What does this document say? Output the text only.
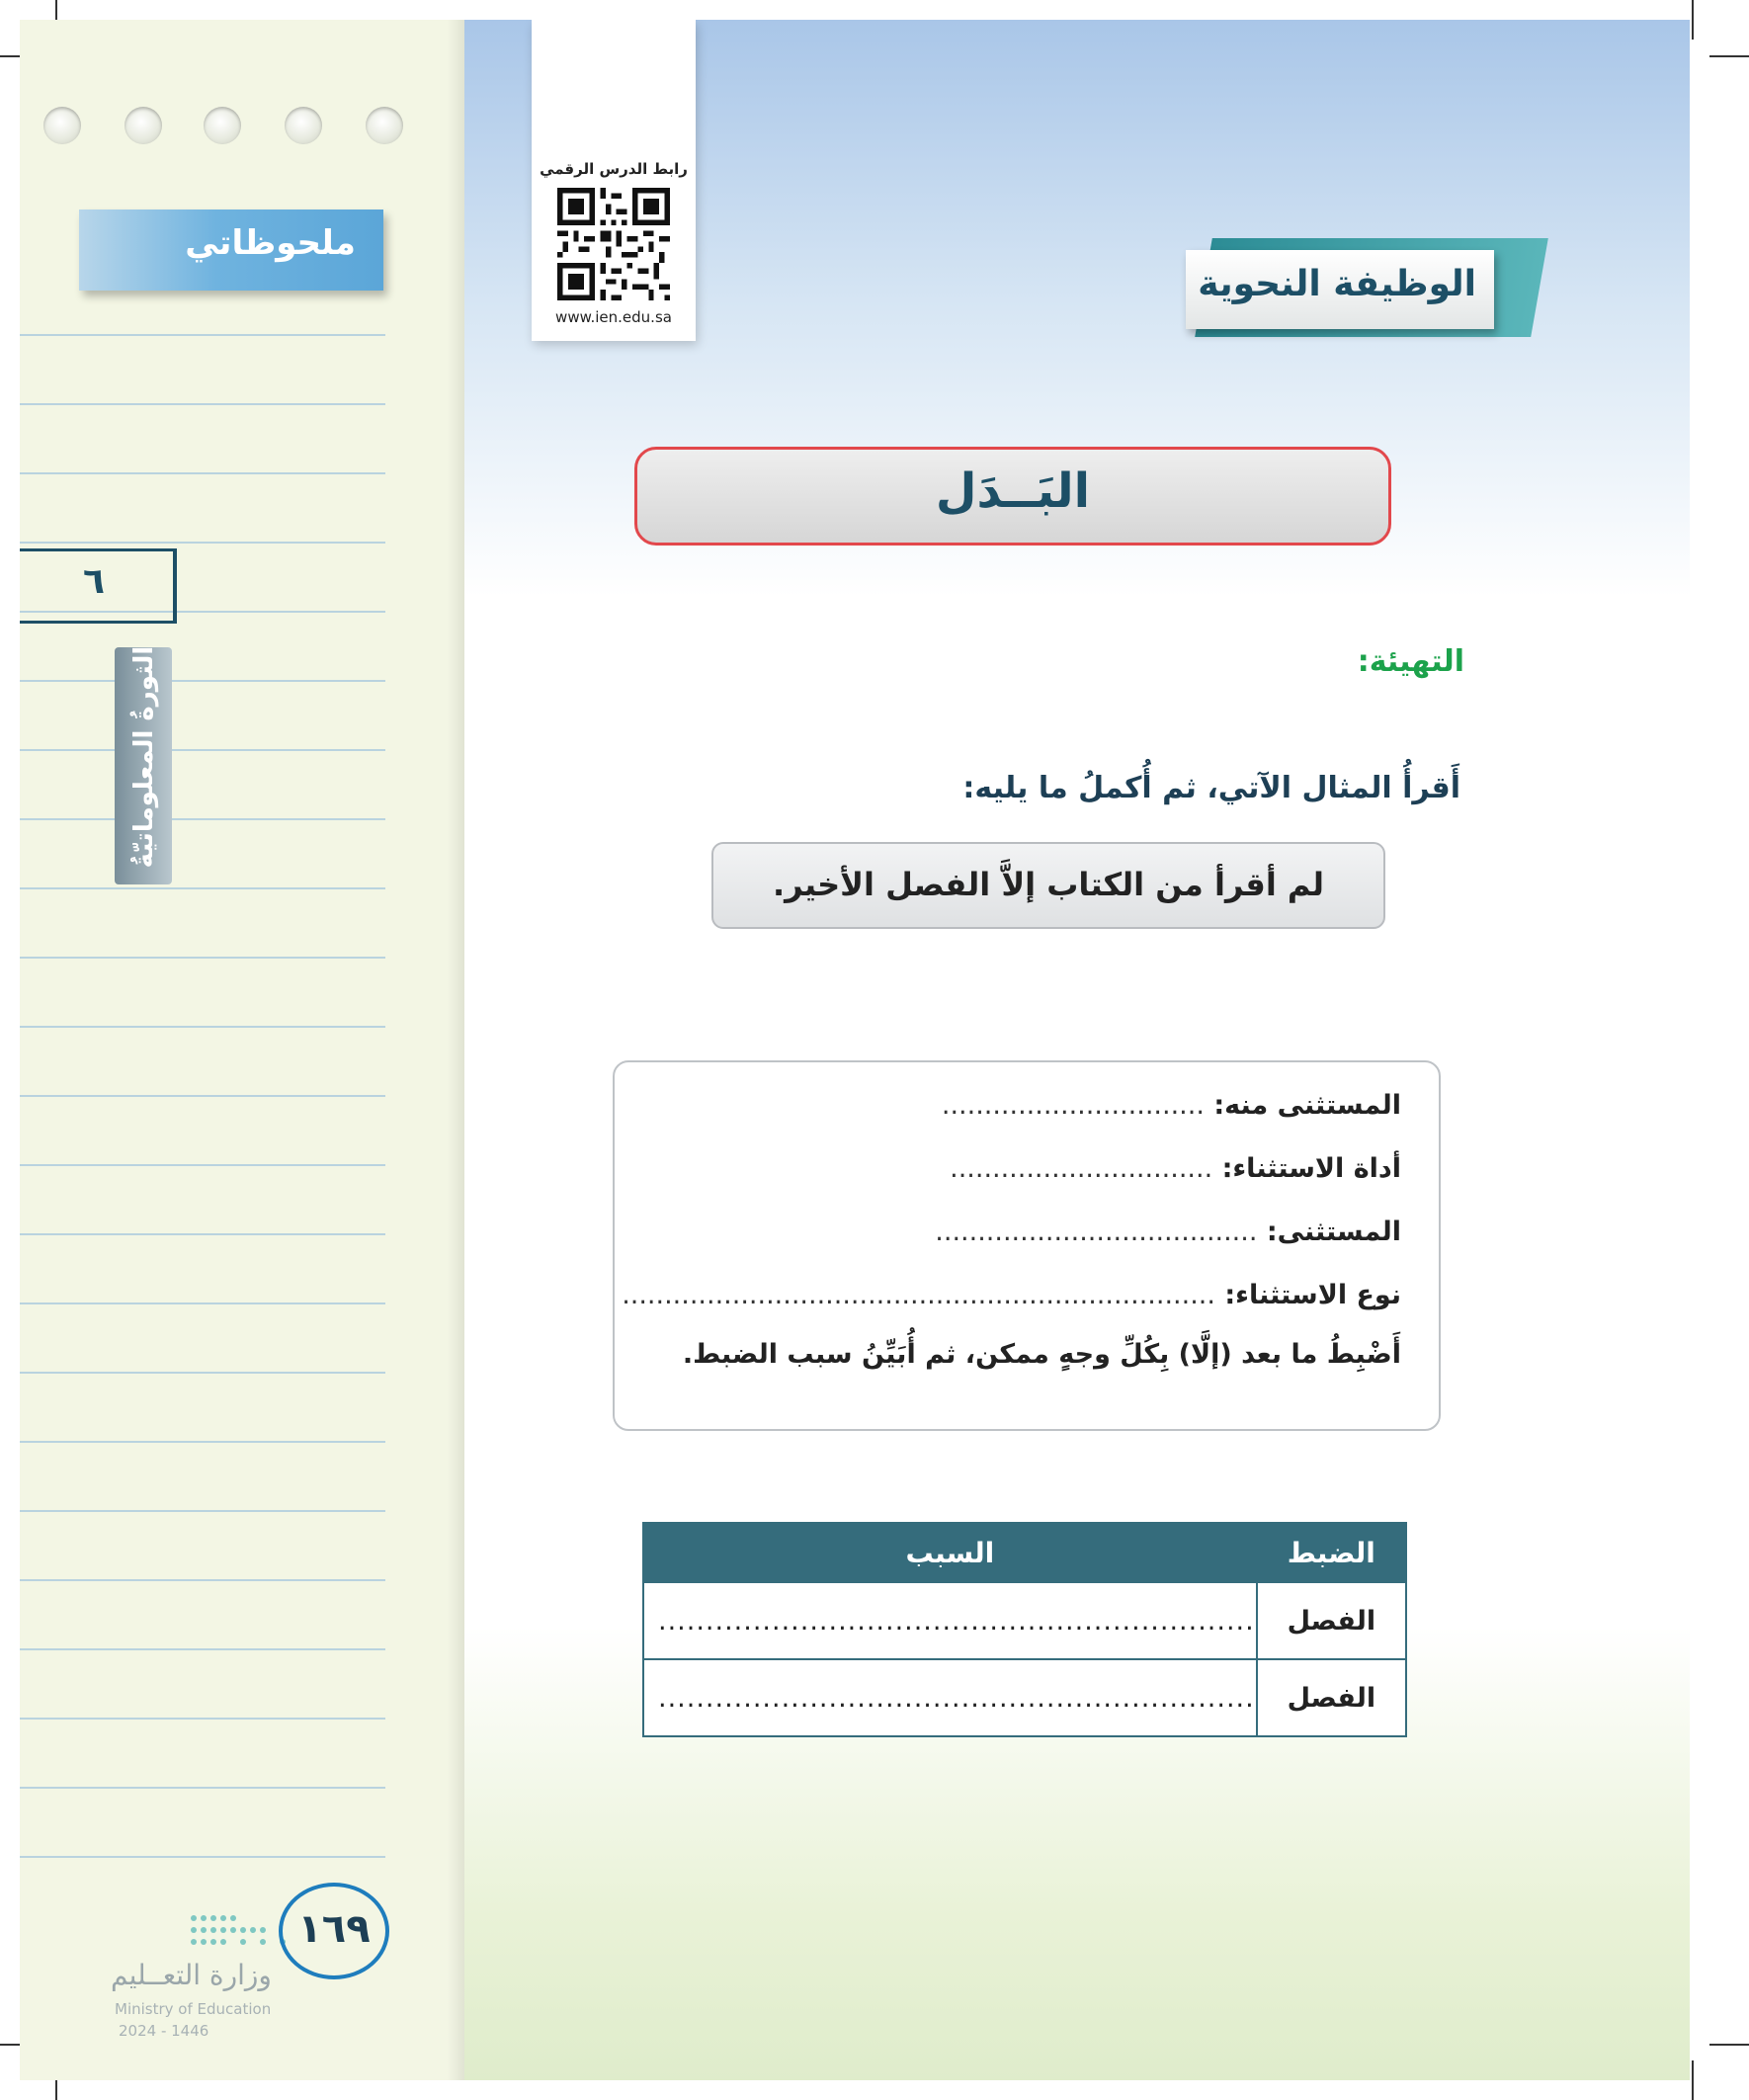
ملحوظاتي
٦
الثورةُ المعلوماتيّةُ
١٦٩
وزارة التعــليم
Ministry of Education
2024 - 1446
رابط الدرس الرقمي
www.ien.edu.sa
الوظيفة النحوية
البَــدَل
التهيئة:
أَقرأُ المثال الآتي، ثم أُكملُ ما يليه:
لم أقرأ من الكتاب إلاَّ الفصل الأخير.
المستثنى منه: ...............................
أداة الاستثناء: ...............................
المستثنى: ......................................
نوع الاستثناء: ......................................................................
أَضْبِطُ ما بعد (إلَّا) بِكُلِّ وجهٍ ممكن، ثم أُبَيِّنُ سبب الضبط.
الضبط	السبب
الفصل	...............................................................
الفصل	...............................................................
